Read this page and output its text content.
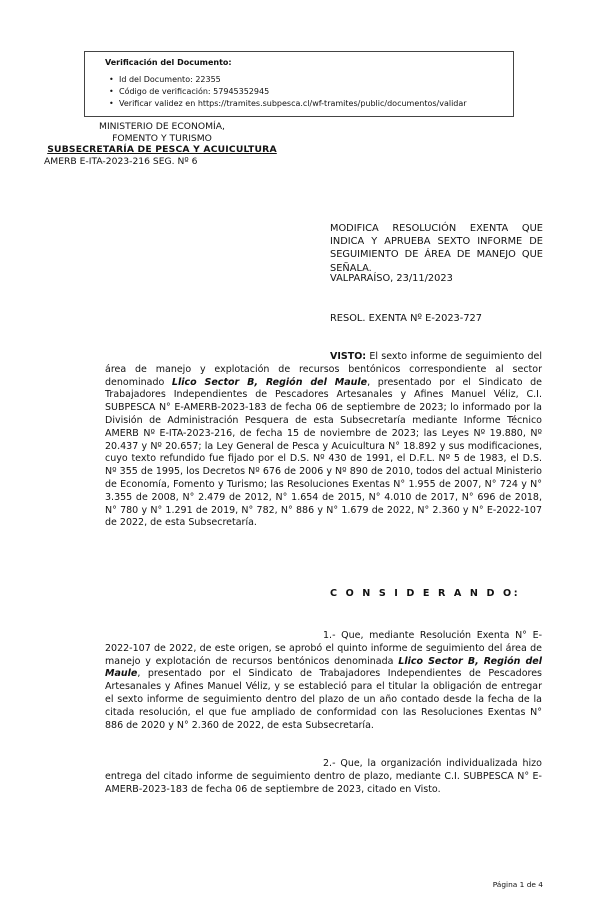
Verificación del Documento:
• Id del Documento: 22355
• Código de verificación: 57945352945
• Verificar validez en https://tramites.subpesca.cl/wf-tramites/public/documentos/validar
MINISTERIO DE ECONOMÍA,
FOMENTO Y TURISMO
SUBSECRETARÍA DE PESCA Y ACUICULTURA
AMERB E-ITA-2023-216 SEG. Nº 6
MODIFICA RESOLUCIÓN EXENTA QUE INDICA Y APRUEBA SEXTO INFORME DE SEGUIMIENTO DE ÁREA DE MANEJO QUE SEÑALA.
VALPARAÍSO, 23/11/2023
RESOL. EXENTA Nº E-2023-727
VISTO: El sexto informe de seguimiento del área de manejo y explotación de recursos bentónicos correspondiente al sector denominado Llico Sector B, Región del Maule, presentado por el Sindicato de Trabajadores Independientes de Pescadores Artesanales y Afines Manuel Véliz, C.I. SUBPESCA N° E-AMERB-2023-183 de fecha 06 de septiembre de 2023; lo informado por la División de Administración Pesquera de esta Subsecretaría mediante Informe Técnico AMERB Nº E-ITA-2023-216, de fecha 15 de noviembre de 2023; las Leyes Nº 19.880, Nº 20.437 y Nº 20.657; la Ley General de Pesca y Acuicultura N° 18.892 y sus modificaciones, cuyo texto refundido fue fijado por el D.S. Nº 430 de 1991, el D.F.L. Nº 5 de 1983, el D.S. Nº 355 de 1995, los Decretos Nº 676 de 2006 y Nº 890 de 2010, todos del actual Ministerio de Economía, Fomento y Turismo; las Resoluciones Exentas N° 1.955 de 2007, N° 724 y N° 3.355 de 2008, N° 2.479 de 2012, N° 1.654 de 2015, N° 4.010 de 2017, N° 696 de 2018, N° 780 y N° 1.291 de 2019, N° 782, N° 886 y N° 1.679 de 2022, N° 2.360 y N° E-2022-107 de 2022, de esta Subsecretaría.
C O N S I D E R A N D O:
1.- Que, mediante Resolución Exenta N° E-2022-107 de 2022, de este origen, se aprobó el quinto informe de seguimiento del área de manejo y explotación de recursos bentónicos denominada Llico Sector B, Región del Maule, presentado por el Sindicato de Trabajadores Independientes de Pescadores Artesanales y Afines Manuel Véliz, y se estableció para el titular la obligación de entregar el sexto informe de seguimiento dentro del plazo de un año contado desde la fecha de la citada resolución, el que fue ampliado de conformidad con las Resoluciones Exentas N° 886 de 2020 y N° 2.360 de 2022, de esta Subsecretaría.
2.- Que, la organización individualizada hizo entrega del citado informe de seguimiento dentro de plazo, mediante C.I. SUBPESCA N° E-AMERB-2023-183 de fecha 06 de septiembre de 2023, citado en Visto.
Página 1 de 4
